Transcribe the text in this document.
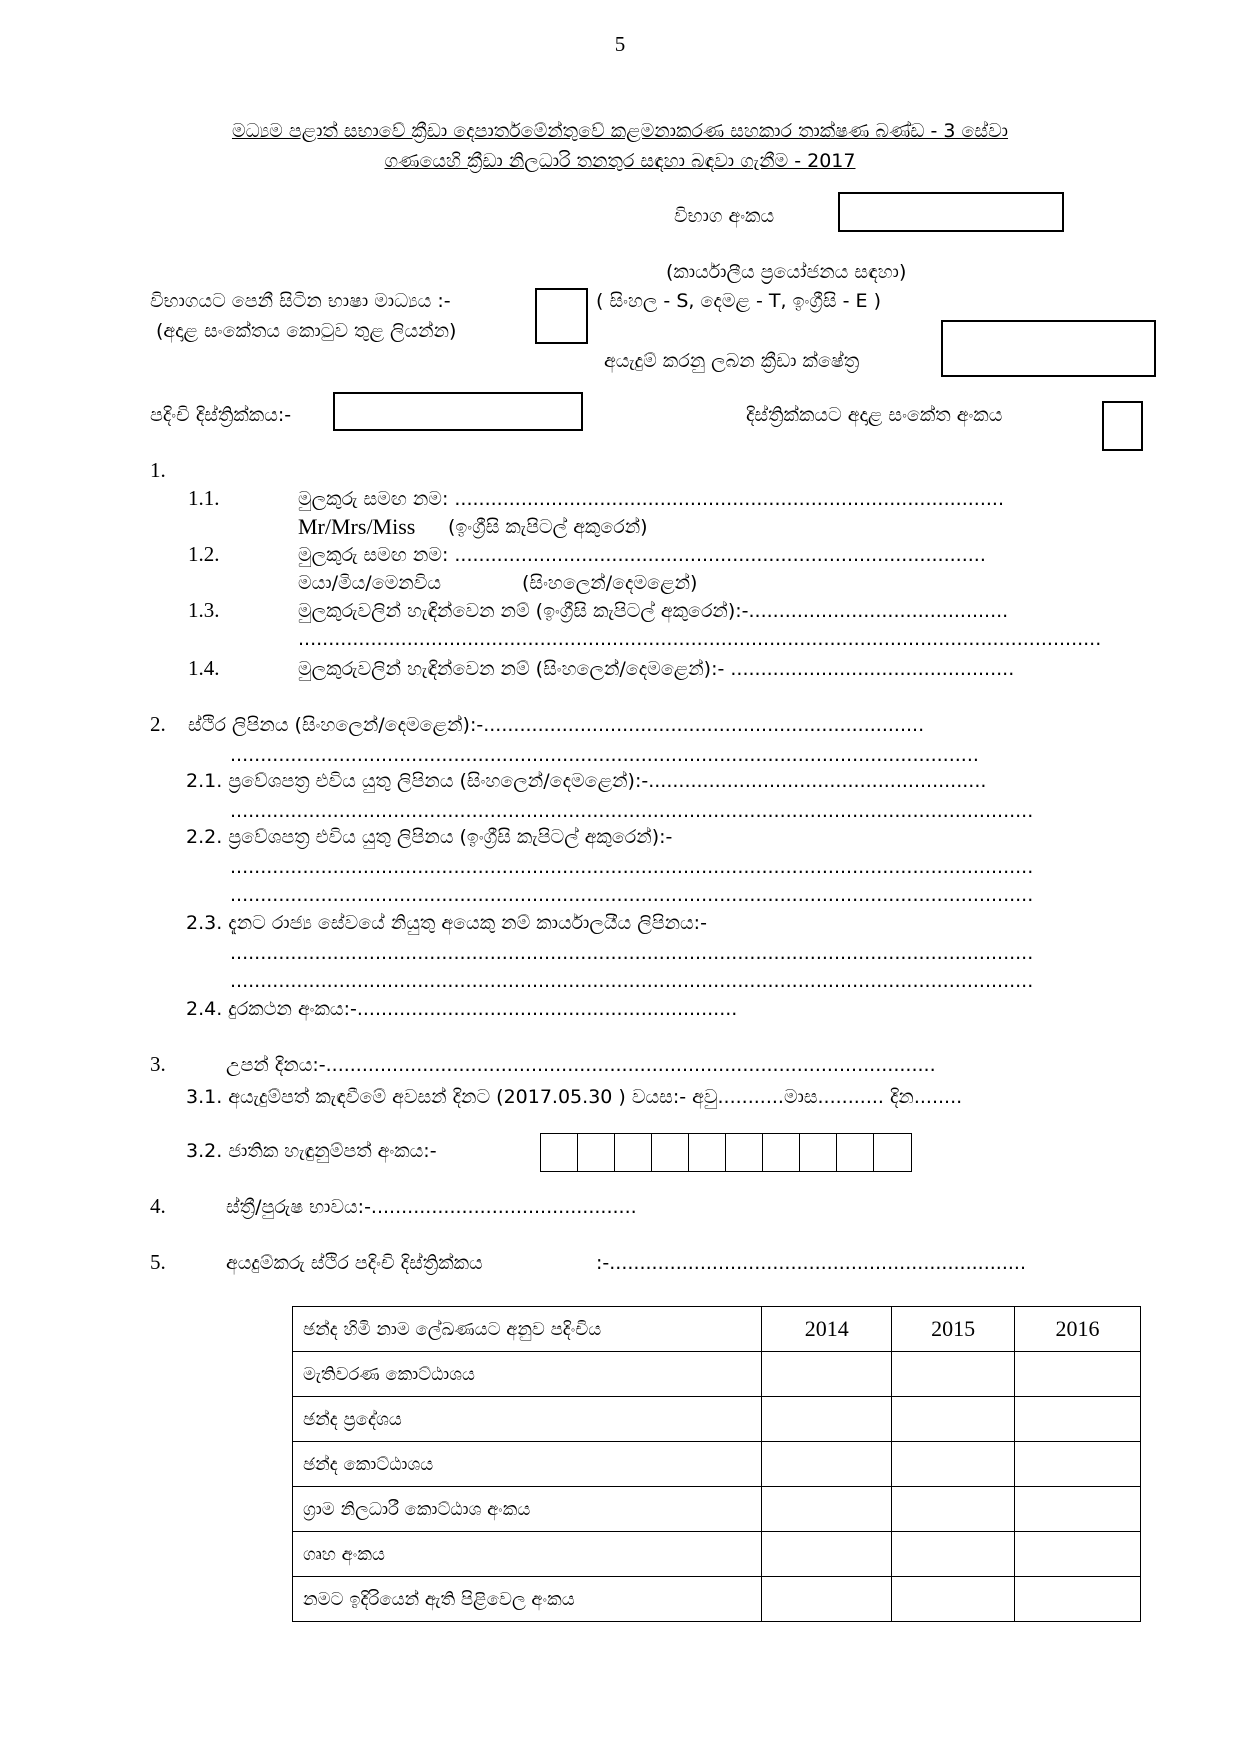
5
මධ්‍යම පළාත් සභාවේ ක්‍රීඩා දෙපාර්තමේන්තුවේ කළමනාකරණ සහකාර තාක්ෂණ බණ්ඩ - 3 සේවා
ගණයෙහි ක්‍රීඩා නිලධාරි තනතුර සඳහා බඳවා ගැනීම - 2017
විභාග අංකය
(කාර්යාලීය ප්‍රයෝජනය සඳහා)
විභාගයට පෙනී සිටින භාෂා මාධ්‍යය :-
(අදාළ සංකේතය කොටුව තුළ ලියන්න)
( සිංහල - S, දෙමළ - T, ඉංග්‍රීසි - E )
අයැදුම් කරනු ලබන ක්‍රීඩා ක්ෂේත්‍ර
පදිංචි දිස්ත්‍රික්කය:-	දිස්ත්‍රික්කයට අදාළ සංකේත අංකය
1.
1.1.	මුලකුරු සමඟ නම: ...........................................................................................
Mr/Mrs/Miss (ඉංග්‍රීසි කැපිටල් අකුරෙන්)
1.2.	මුලකුරු සමඟ නම: ........................................................................................
මයා/මිය/මෙනවිය	(සිංහලෙන්/දෙමළෙන්)
1.3.	මුලකුරුවලින් හැඳින්වෙන නම් (ඉංග්‍රීසි කැපිටල් අකුරෙන්):-...........................................
.....................................................................................................................................
1.4.	මුලකුරුවලින් හැඳින්වෙන නම් (සිංහලෙන්/දෙමළෙන්):- ...............................................
2. ස්ථිර ලිපිනය (සිංහලෙන්/දෙමළෙන්):-.........................................................................
............................................................................................................................
2.1. ප්‍රවේශපත්‍ර එවිය යුතු ලිපිනය (සිංහලෙන්/දෙමළෙන්):-........................................................
.....................................................................................................................................
2.2. ප්‍රවේශපත්‍ර එවිය යුතු ලිපිනය (ඉංග්‍රීසි කැපිටල් අකුරෙන්):-
.....................................................................................................................................
.....................................................................................................................................
2.3. දැනට රාජ්‍ය සේවයේ නියුතු අයෙකු නම් කාර්යාලයීය ලිපිනය:-
.....................................................................................................................................
.....................................................................................................................................
2.4. දුරකථන අංකය:-...............................................................
3.	උපන් දිනය:-.....................................................................................................
3.1. අයැදුම්පත් කැඳවීමේ අවසන් දිනට (2017.05.30 ) වයස:- අවු...........මාස........... දින........
3.2. ජාතික හැඳුනුම්පත් අංකය:-
4.	ස්ත්‍රී/පුරුෂ භාවය:-............................................
5.	අයදුම්කරු ස්ථිර පදිංචි දිස්ත්‍රික්කය	:-.....................................................................
ඡන්ද හිමි නාම ලේඛණයට අනුව පදිංචිය	2014	2015	2016
මැතිවරණ කොට්ඨාශය			
ඡන්ද ප්‍රදේශය			
ඡන්ද කොට්ඨාශය			
ග්‍රාම නිලධාරී කොට්ඨාශ අංකය			
ගෘහ අංකය			
නමට ඉදිරියෙන් ඇති පිළිවෙල අංකය			
